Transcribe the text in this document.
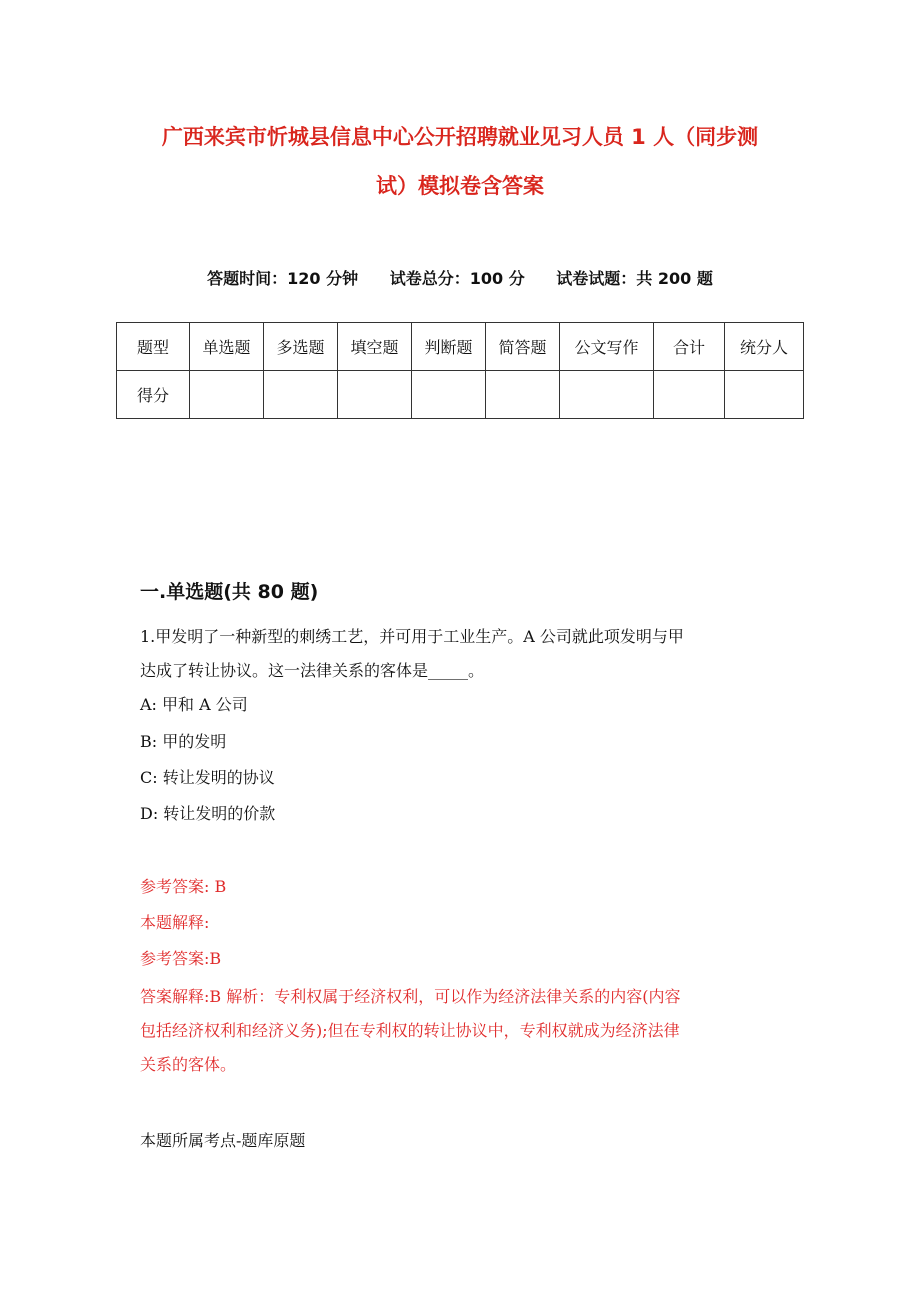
广西来宾市忻城县信息中心公开招聘就业见习人员 1 人（同步测
试）模拟卷含答案
答题时间：120 分钟 试卷总分：100 分 试卷试题：共 200 题
题型	单选题	多选题	填空题	判断题	简答题	公文写作	合计	统分人
得分								
一.单选题(共 80 题)
1.甲发明了一种新型的刺绣工艺，并可用于工业生产。A 公司就此项发明与甲
达成了转让协议。这一法律关系的客体是_____。
A: 甲和 A 公司
B: 甲的发明
C: 转让发明的协议
D: 转让发明的价款
参考答案: B
本题解释:
参考答案:B
答案解释:B 解析：专利权属于经济权利，可以作为经济法律关系的内容(内容
包括经济权利和经济义务);但在专利权的转让协议中，专利权就成为经济法律
关系的客体。
本题所属考点-题库原题
